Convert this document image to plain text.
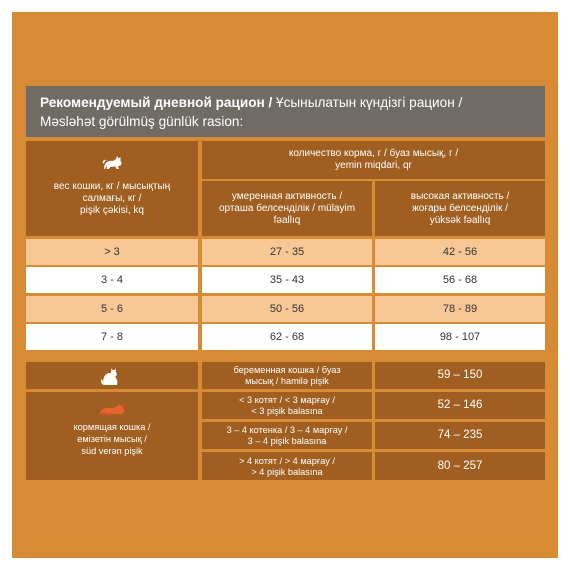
Рекомендуемый дневной рацион / Ұсынылатын күндізгі рацион /
Məsləhət görülmüş günlük rasion:
вес кошки, кг / мысықтың
салмағы, кг /
pişik çəkisi, kq
количество корма, г / буаз мысық, г /
yemin miqdari, qr
умеренная активность /
орташа белсенділік / mülayim
fəallıq
высокая активность /
жоғары белсенділік /
yüksək fəallıq
> 3	27 - 35	42 - 56
3 - 4	35 - 43	56 - 68
5 - 6	50 - 56	78 - 89
7 - 8	62 - 68	98 - 107
кормящая кошка /
емізетін мысық /
süd verən pişik
беременная кошка / буаз
мысық / hamilə pişik	59 – 150
< 3 котят / < 3 марғау /
< 3 pişik balasına	52 – 146
3 – 4 котенка / 3 – 4 марғау /
3 – 4 pişik balasına	74 – 235
> 4 котят / > 4 марғау /
> 4 pişik balasına	80 – 257
